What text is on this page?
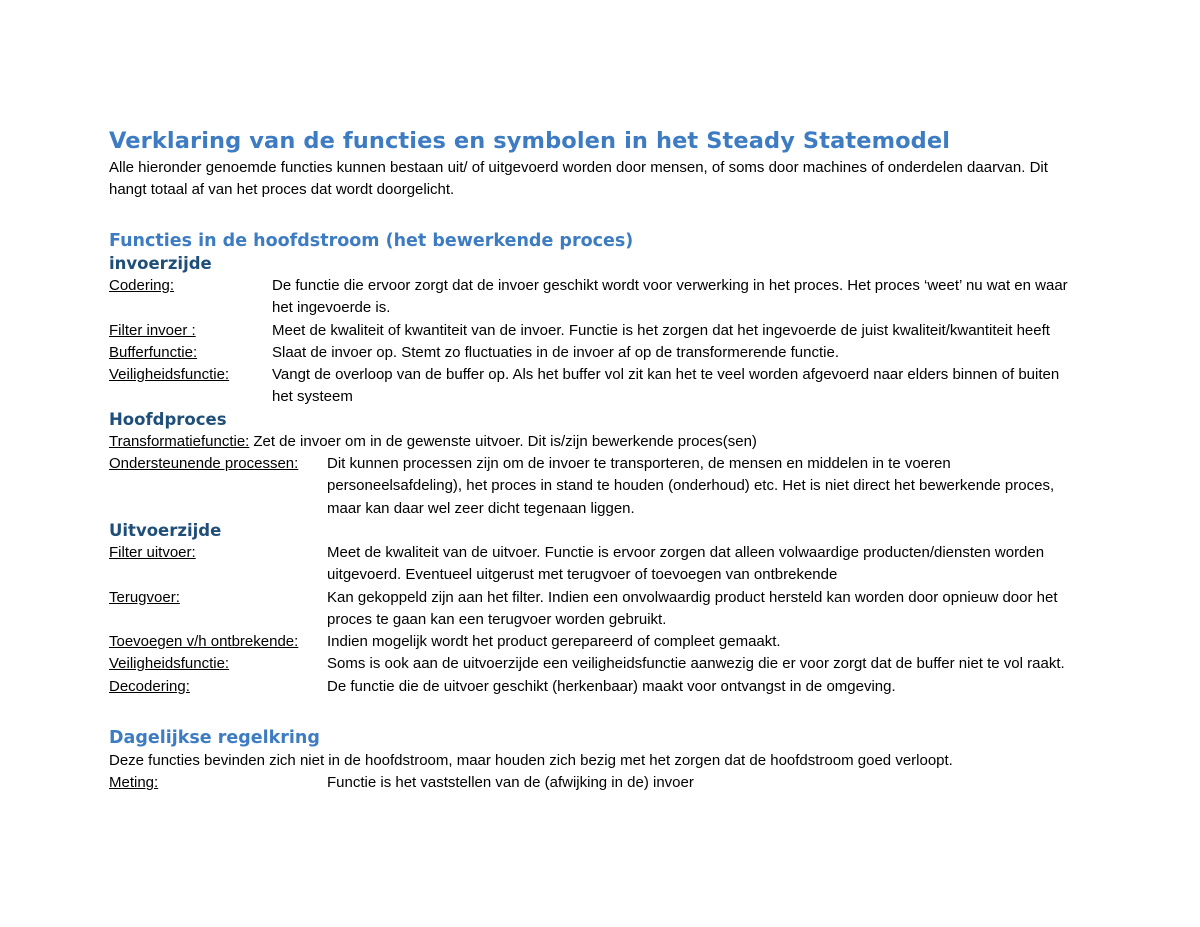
Verklaring van de functies en symbolen in het Steady Statemodel

Alle hieronder genoemde functies kunnen bestaan uit/ of uitgevoerd worden door mensen, of soms door machines of onderdelen daarvan. Dit hangt totaal af van het proces dat wordt doorgelicht.

Functies in de hoofdstroom (het bewerkende proces)
invoerzijde
Codering:	De functie die ervoor zorgt dat de invoer geschikt wordt voor verwerking in het proces. Het proces ‘weet’ nu wat en waar het ingevoerde is.
Filter invoer :	Meet de kwaliteit of kwantiteit van de invoer. Functie is het zorgen dat het ingevoerde de juist kwaliteit/kwantiteit heeft
Bufferfunctie:	Slaat de invoer op. Stemt zo fluctuaties in de invoer af op de transformerende functie.
Veiligheidsfunctie:	Vangt de overloop van de buffer op. Als het buffer vol zit kan het te veel worden afgevoerd naar elders binnen of buiten het systeem
Hoofdproces
Transformatiefunctie: Zet de invoer om in de gewenste uitvoer. Dit is/zijn bewerkende proces(sen)
Ondersteunende processen:	Dit kunnen processen zijn om de invoer te transporteren, de mensen en middelen in te voeren personeelsafdeling), het proces in stand te houden (onderhoud) etc. Het is niet direct het bewerkende proces, maar kan daar wel zeer dicht tegenaan liggen.
Uitvoerzijde
Filter uitvoer:	Meet de kwaliteit van de uitvoer. Functie is ervoor zorgen dat alleen volwaardige producten/diensten worden uitgevoerd. Eventueel uitgerust met terugvoer of toevoegen van ontbrekende
Terugvoer:	Kan gekoppeld zijn aan het filter. Indien een onvolwaardig product hersteld kan worden door opnieuw door het proces te gaan kan een terugvoer worden gebruikt.
Toevoegen v/h ontbrekende:	Indien mogelijk wordt het product gerepareerd of compleet gemaakt.
Veiligheidsfunctie:	Soms is ook aan de uitvoerzijde een veiligheidsfunctie aanwezig die er voor zorgt dat de buffer niet te vol raakt.
Decodering:	De functie die de uitvoer geschikt (herkenbaar) maakt voor ontvangst in de omgeving.
Dagelijkse regelkring
Deze functies bevinden zich niet in de hoofdstroom, maar houden zich bezig met het zorgen dat de hoofdstroom goed verloopt.
Meting:	Functie is het vaststellen van de (afwijking in de) invoer
